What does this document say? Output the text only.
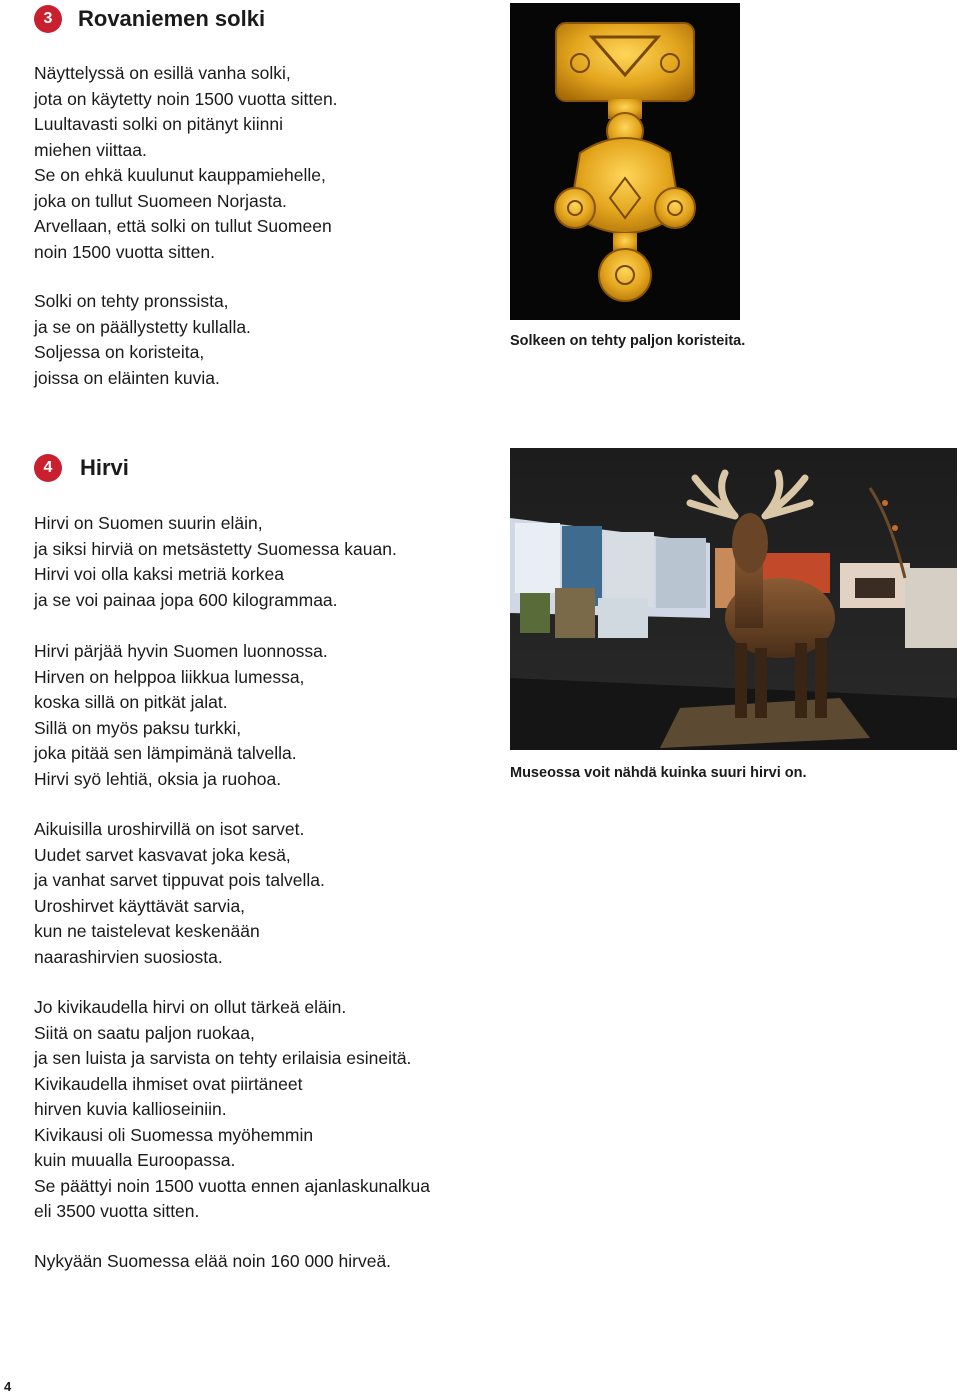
3	Rovaniemen solki
Näyttelyssä on esillä vanha solki,
jota on käytetty noin 1500 vuotta sitten.
Luultavasti solki on pitänyt kiinni
miehen viittaa.
Se on ehkä kuulunut kauppamiehelle,
joka on tullut Suomeen Norjasta.
Arvellaan, että solki on tullut Suomeen
noin 1500 vuotta sitten.
Solki on tehty pronssista,
ja se on päällystetty kullalla.
Soljessa on koristeita,
joissa on eläinten kuvia.
Solkeen on tehty paljon koristeita.
4	Hirvi
Hirvi on Suomen suurin eläin,
ja siksi hirviä on metsästetty Suomessa kauan.
Hirvi voi olla kaksi metriä korkea
ja se voi painaa jopa 600 kilogrammaa.
Hirvi pärjää hyvin Suomen luonnossa.
Hirven on helppoa liikkua lumessa,
koska sillä on pitkät jalat.
Sillä on myös paksu turkki,
joka pitää sen lämpimänä talvella.
Hirvi syö lehtiä, oksia ja ruohoa.
Aikuisilla uroshirvillä on isot sarvet.
Uudet sarvet kasvavat joka kesä,
ja vanhat sarvet tippuvat pois talvella.
Uroshirvet käyttävät sarvia,
kun ne taistelevat keskenään
naarashirvien suosiosta.
Jo kivikaudella hirvi on ollut tärkeä eläin.
Siitä on saatu paljon ruokaa,
ja sen luista ja sarvista on tehty erilaisia esineitä.
Kivikaudella ihmiset ovat piirtäneet
hirven kuvia kallioseiniin.
Kivikausi oli Suomessa myöhemmin
kuin muualla Euroopassa.
Se päättyi noin 1500 vuotta ennen ajanlaskunalkua
eli 3500 vuotta sitten.
Nykyään Suomessa elää noin 160 000 hirveä.
Museossa voit nähdä kuinka suuri hirvi on.
4
